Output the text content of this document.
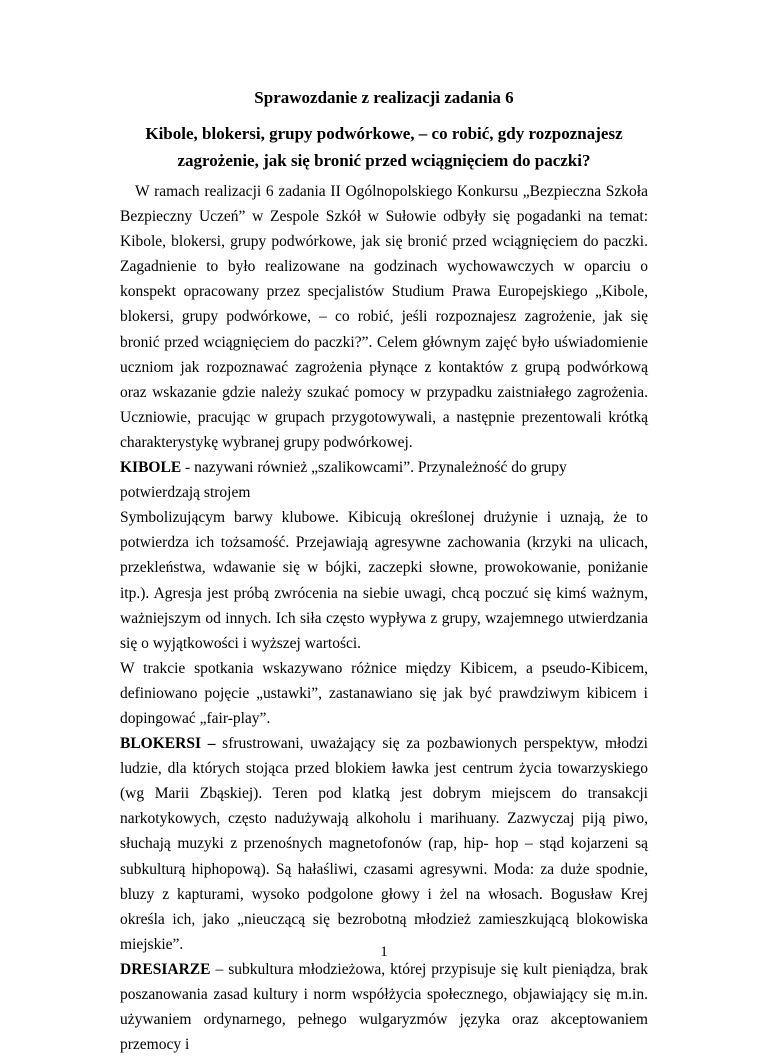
Sprawozdanie z realizacji zadania 6
Kibole, blokersi, grupy podwórkowe, – co robić, gdy rozpoznajesz
zagrożenie, jak się bronić przed wciągnięciem do paczki?

W ramach realizacji 6 zadania II Ogólnopolskiego Konkursu „Bezpieczna Szkoła Bezpieczny Uczeń” w Zespole Szkół w Sułowie odbyły się pogadanki na temat: Kibole, blokersi, grupy podwórkowe, jak się bronić przed wciągnięciem do paczki. Zagadnienie to było realizowane na godzinach wychowawczych w oparciu o konspekt opracowany przez specjalistów Studium Prawa Europejskiego „Kibole, blokersi, grupy podwórkowe, – co robić, jeśli rozpoznajesz zagrożenie, jak się bronić przed wciągnięciem do paczki?”. Celem głównym zajęć było uświadomienie uczniom jak rozpoznawać zagrożenia płynące z kontaktów z grupą podwórkową oraz wskazanie gdzie należy szukać pomocy w przypadku zaistniałego zagrożenia. Uczniowie, pracując w grupach przygotowywali, a następnie prezentowali krótką charakterystykę wybranej grupy podwórkowej.

KIBOLE - nazywani również „szalikowcami”. Przynależność do grupy potwierdzają strojem

Symbolizującym barwy klubowe. Kibicują określonej drużynie i uznają, że to potwierdza ich tożsamość. Przejawiają agresywne zachowania (krzyki na ulicach, przekleństwa, wdawanie się w bójki, zaczepki słowne, prowokowanie, poniżanie itp.). Agresja jest próbą zwrócenia na siebie uwagi, chcą poczuć się kimś ważnym, ważniejszym od innych. Ich siła często wypływa z grupy, wzajemnego utwierdzania się o wyjątkowości i wyższej wartości.

W trakcie spotkania wskazywano różnice między Kibicem, a pseudo-Kibicem, definiowano pojęcie „ustawki”, zastanawiano się jak być prawdziwym kibicem i dopingować „fair-play”.

BLOKERSI – sfrustrowani, uważający się za pozbawionych perspektyw, młodzi ludzie, dla których stojąca przed blokiem ławka jest centrum życia towarzyskiego (wg Marii Zbąskiej). Teren pod klatką jest dobrym miejscem do transakcji narkotykowych, często nadużywają alkoholu i marihuany. Zazwyczaj piją piwo, słuchają muzyki z przenośnych magnetofonów (rap, hip- hop – stąd kojarzeni są subkulturą hiphopową). Są hałaśliwi, czasami agresywni. Moda: za duże spodnie, bluzy z kapturami, wysoko podgolone głowy i żel na włosach. Bogusław Krej określa ich, jako „nieuczącą się bezrobotną młodzież zamieszkującą blokowiska miejskie”.

DRESIARZE – subkultura młodzieżowa, której przypisuje się kult pieniądza, brak poszanowania zasad kultury i norm współżycia społecznego, objawiający się m.in. używaniem ordynarnego, pełnego wulgaryzmów języka oraz akceptowaniem przemocy i

1
